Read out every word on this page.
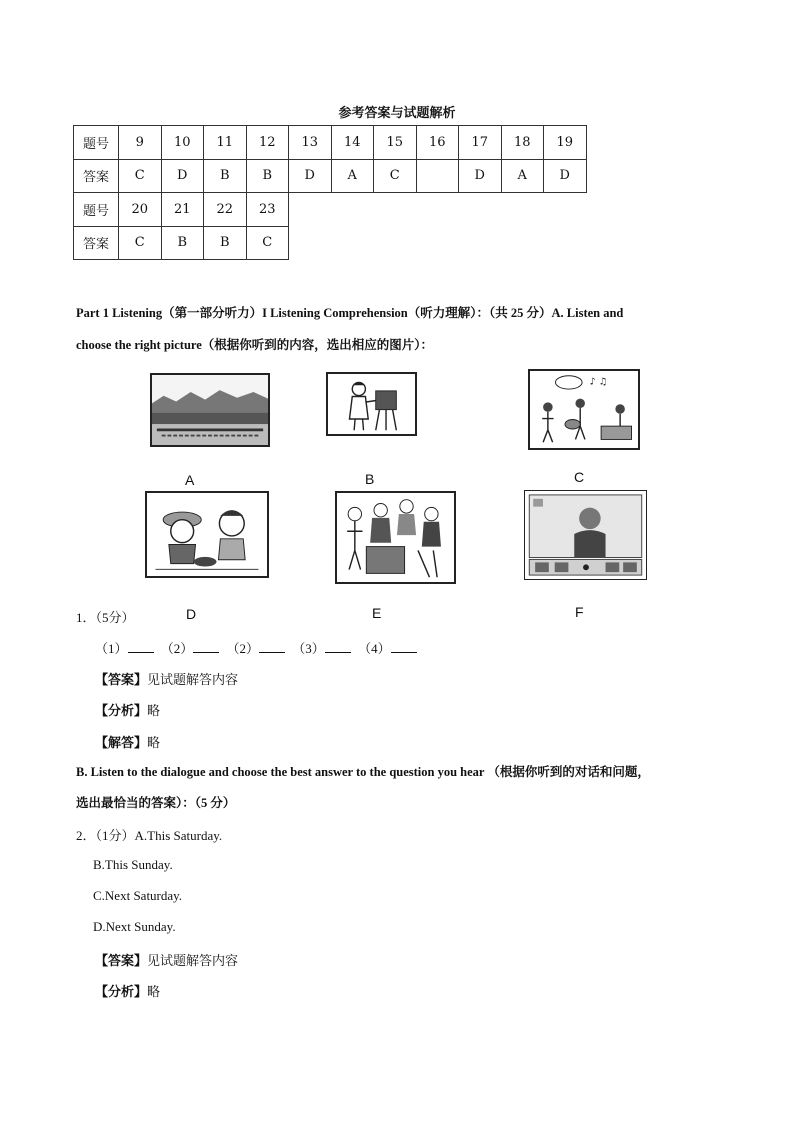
参考答案与试题解析
题号	9	10	11	12	13	14	15	16	17	18	19
答案	C	D	B	B	D	A	C		D	A	D
题号	20	21	22	23							
答案	C	B	B	C							
Part 1 Listening（第一部分听力）I Listening Comprehension（听力理解）：（共 25 分）A. Listen and
choose the right picture（根据你听到的内容，选出相应的图片）：
A	B
♪ ♫
C
D	E	F
1．（5分）
（1）	（2）	（2）	（3）	（4）
【答案】见试题解答内容
【分析】略
【解答】略
B. Listen to the dialogue and choose the best answer to the question you hear （根据你听到的对话和问题，
选出最恰当的答案）：（5 分）
2．（1分）A.This Saturday.
B.This Sunday.
C.Next Saturday.
D.Next Sunday.
【答案】见试题解答内容
【分析】略
